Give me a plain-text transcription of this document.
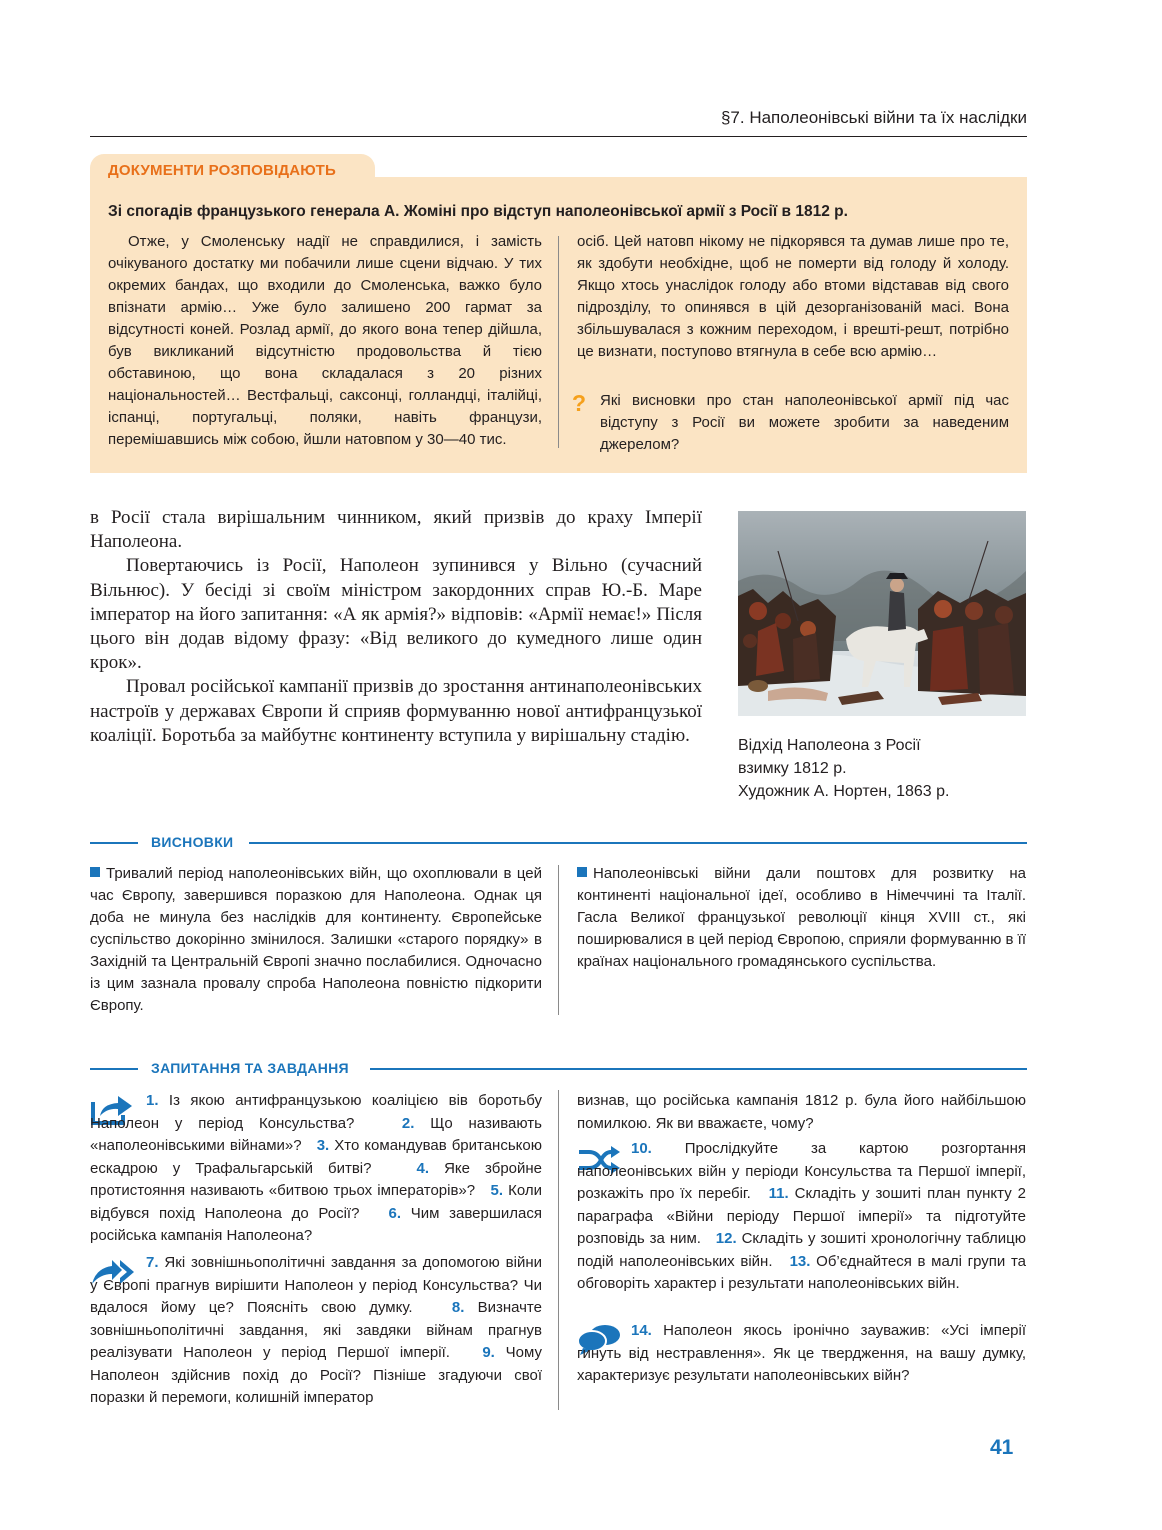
§7. Наполеонівські війни та їх наслідки
ДОКУМЕНТИ РОЗПОВІДАЮТЬ
Зі спогадів французького генерала А. Жоміні про відступ наполеонівської армії з Росії в 1812 р.
Отже, у Смоленську надії не справдилися, і замість очікуваного достатку ми побачили лише сцени відчаю. У тих окремих бандах, що входили до Смоленська, важко було впізнати армію… Уже було залишено 200 гармат за відсутності коней. Розлад армії, до якого вона тепер дійшла, був викликаний відсутністю продовольства й тією обставиною, що вона складалася з 20 різних національностей… Вестфальці, саксонці, голландці, італійці, іспанці, португальці, поляки, навіть французи, перемішавшись між собою, йшли натовпом у 30—40 тис.
осіб. Цей натовп нікому не підкорявся та думав лише про те, як здобути необхідне, щоб не померти від голоду й холоду. Якщо хтось унаслідок голоду або втоми відставав від свого підрозділу, то опинявся в цій дезорганізованій масі. Вона збільшувалася з кожним переходом, і врешті-решт, потрібно це визнати, поступово втягнула в себе всю армію…
? Які висновки про стан наполеонівської армії під час відступу з Росії ви можете зробити за наведеним джерелом?

в Росії стала вирішальним чинником, який призвів до краху Імперії Наполеона.

Повертаючись із Росії, Наполеон зупинився у Вільно (сучасний Вільнюс). У бесіді зі своїм міністром закордонних справ Ю.-Б. Маре імператор на його запитання: «А як армія?» відповів: «Армії немає!» Після цього він додав відому фразу: «Від великого до кумедного лише один крок».

Провал російської кампанії призвів до зростання антинаполеонівських настроїв у державах Європи й сприяв формуванню нової антифранцузької коаліції. Боротьба за майбутнє континенту вступила у вирішальну стадію.	Відхід Наполеона з Росії
взимку 1812 р.
Художник А. Нортен, 1863 р.
ВИСНОВКИ
Тривалий період наполеонівських війн, що охоплювали в цей час Європу, завершився поразкою для Наполеона. Однак ця доба не минула без наслідків для континенту. Європейське суспільство докорінно змінилося. Залишки «старого порядку» в Західній та Центральній Європі значно послабилися. Одночасно із цим зазнала провалу спроба Наполеона повністю підкорити Європу.
Наполеонівські війни дали поштовх для розвитку на континенті національної ідеї, особливо в Німеччині та Італії. Гасла Великої французької революції кінця XVIII ст., які поширювалися в цей період Європою, сприяли формуванню в її країнах національного громадянського суспільства.
ЗАПИТАННЯ ТА ЗАВДАННЯ
1. Із якою антифранцузькою коаліцією вів боротьбу Наполеон у період Консульства?	2. Що називають «наполеонівськими війнами»? 3. Хто командував британською ескадрою у Трафальгарській битві?	4. Яке збройне протистояння називають «битвою трьох імператорів»? 5. Коли відбувся похід Наполеона до Росії? 6. Чим завершилася російська кампанія Наполеона?
7. Які зовнішньополітичні завдання за допомогою війни у Європі прагнув вирішити Наполеон у період Консульства? Чи вдалося йому це? Поясніть свою думку.	8. Визначте зовнішньополітичні завдання, які завдяки війнам прагнув реалізувати Наполеон у період Першої імперії. 9. Чому Наполеон здійснив похід до Росії? Пізніше згадуючи свої поразки й перемоги, колишній імператор
визнав, що російська кампанія 1812 р. була його найбільшою помилкою. Як ви вважаєте, чому?
10. Прослідкуйте за картою розгортання наполеонівських війн у періоди Консульства та Першої імперії, розкажіть про їх перебіг. 11. Складіть у зошиті план пункту 2 параграфа «Війни періоду Першої імперії» та підготуйте розповідь за ним. 12. Складіть у зошиті хронологічну таблицю подій наполеонівських війн. 13. Об’єднайтеся в малі групи та обговоріть характер і результати наполеонівських війн.
14. Наполеон якось іронічно зауважив: «Усі імперії гинуть від нестравлення». Як це твердження, на вашу думку, характеризує результати наполеонівських війн?
41
